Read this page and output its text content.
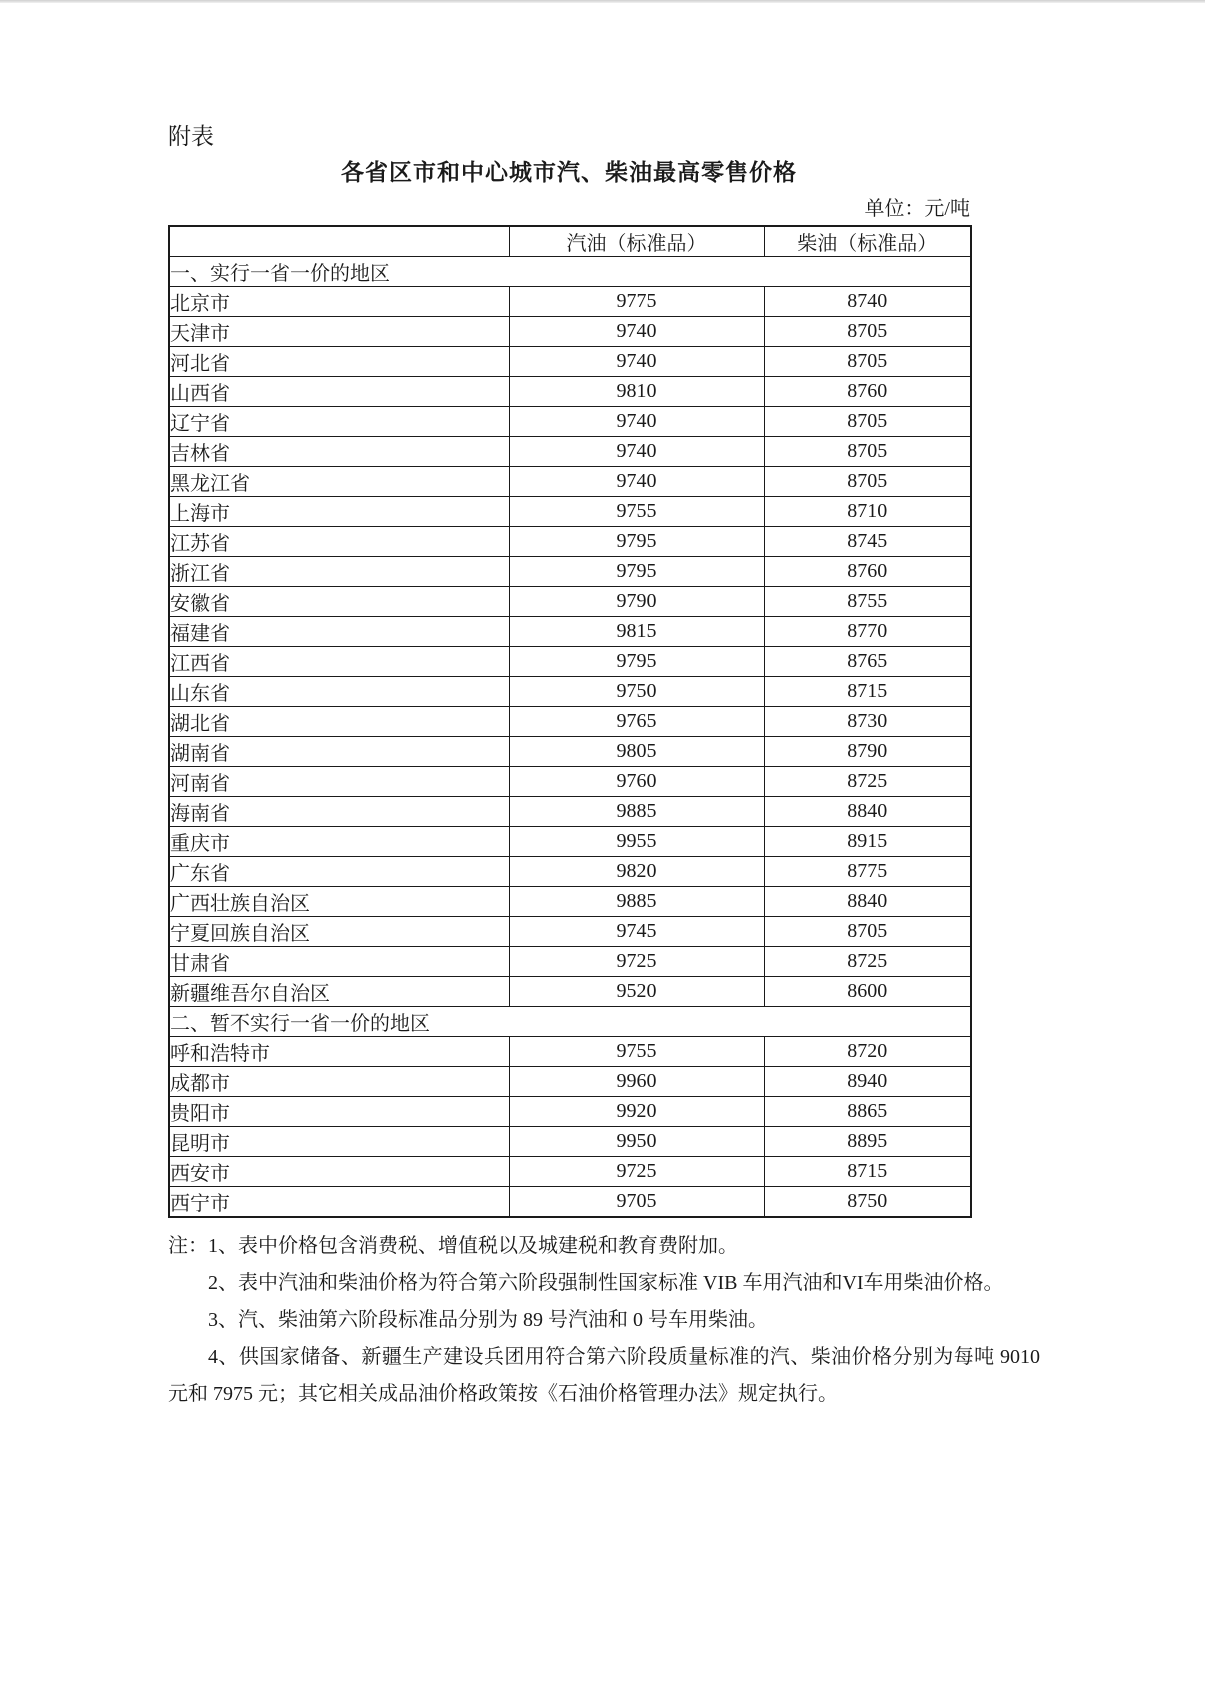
附表

各省区市和中心城市汽、柴油最高零售价格
单位：元/吨
	汽油（标准品）	柴油（标准品）
一、实行一省一价的地区		
北京市	9775	8740
天津市	9740	8705
河北省	9740	8705
山西省	9810	8760
辽宁省	9740	8705
吉林省	9740	8705
黑龙江省	9740	8705
上海市	9755	8710
江苏省	9795	8745
浙江省	9795	8760
安徽省	9790	8755
福建省	9815	8770
江西省	9795	8765
山东省	9750	8715
湖北省	9765	8730
湖南省	9805	8790
河南省	9760	8725
海南省	9885	8840
重庆市	9955	8915
广东省	9820	8775
广西壮族自治区	9885	8840
宁夏回族自治区	9745	8705
甘肃省	9725	8725
新疆维吾尔自治区	9520	8600
二、暂不实行一省一价的地区		
呼和浩特市	9755	8720
成都市	9960	8940
贵阳市	9920	8865
昆明市	9950	8895
西安市	9725	8715
西宁市	9705	8750

注：1、表中价格包含消费税、增值税以及城建税和教育费附加。

2、表中汽油和柴油价格为符合第六阶段强制性国家标准 VIB 车用汽油和VI车用柴油价格。

3、汽、柴油第六阶段标准品分别为 89 号汽油和 0 号车用柴油。

4、供国家储备、新疆生产建设兵团用符合第六阶段质量标准的汽、柴油价格分别为每吨 9010 元和 7975 元；其它相关成品油价格政策按《石油价格管理办法》规定执行。
